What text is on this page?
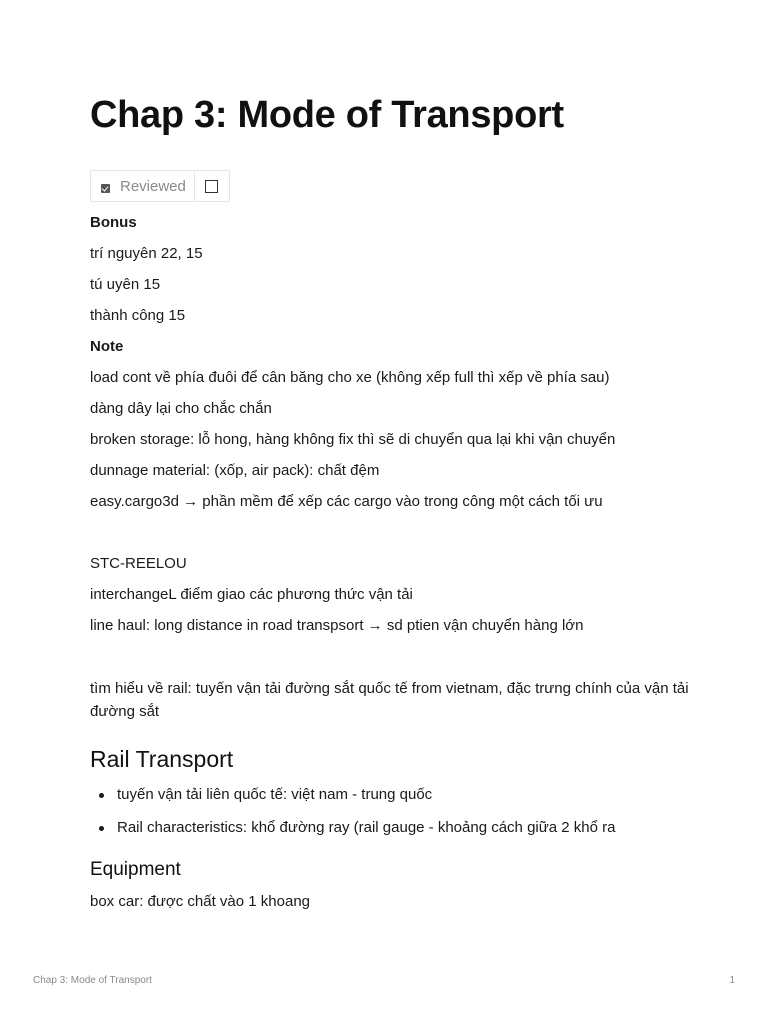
Chap 3: Mode of Transport
Reviewed

Bonus

trí nguyên 22, 15

tú uyên 15

thành công 15

Note

load cont về phía đuôi để cân băng cho xe (không xếp full thì xếp về phía sau)

dàng dây lại cho chắc chắn

broken storage: lỗ hong, hàng không fix thì sẽ di chuyển qua lại khi vận chuyển

dunnage material: (xốp, air pack): chất đệm

easy.cargo3d → phần mềm để xếp các cargo vào trong công một cách tối ưu

STC-REELOU

interchangeL điểm giao các phương thức vận tải

line haul: long distance in road transpsort → sd ptien vận chuyển hàng lớn

tìm hiểu về rail: tuyến vận tải đường sắt quốc tế from vietnam, đặc trưng chính của vận tải đường sắt

Rail Transport
tuyến vận tải liên quốc tế: việt nam - trung quốc
Rail characteristics: khổ đường ray (rail gauge - khoảng cách giữa 2 khổ ra
Equipment

box car: được chất vào 1 khoang

Chap 3: Mode of Transport	1
